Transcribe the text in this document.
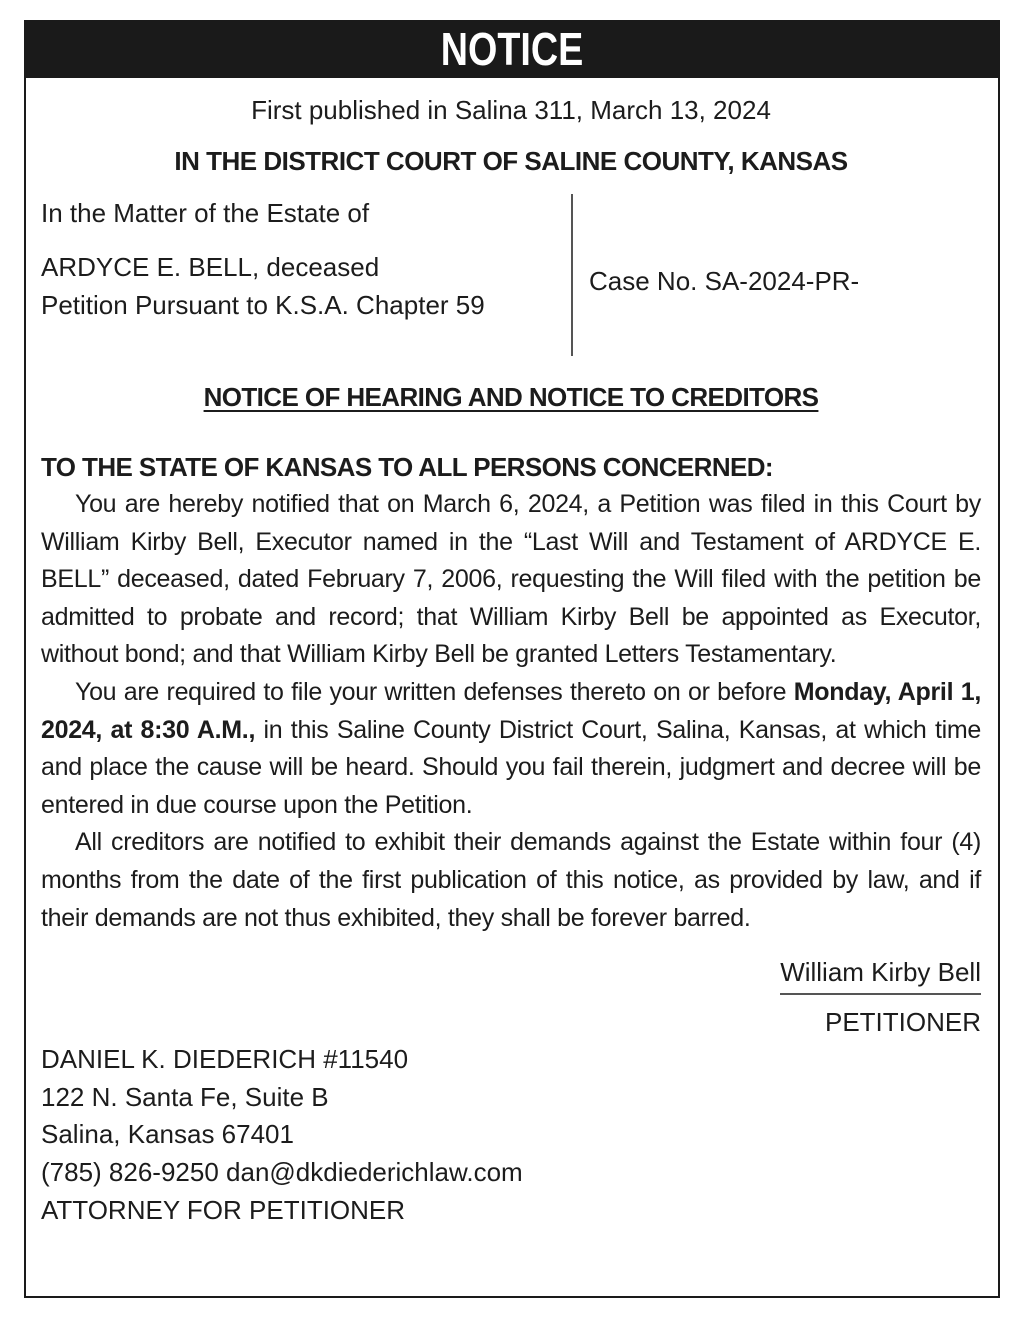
NOTICE
First published in Salina 311, March 13, 2024
IN THE DISTRICT COURT OF SALINE COUNTY, KANSAS
In the Matter of the Estate of
ARDYCE E. BELL, deceased
Petition Pursuant to K.S.A. Chapter 59
Case No. SA-2024-PR-
NOTICE OF HEARING AND NOTICE TO CREDITORS
TO THE STATE OF KANSAS TO ALL PERSONS CONCERNED:

You are hereby notified that on March 6, 2024, a Petition was filed in this Court by William Kirby Bell, Executor named in the “Last Will and Testament of ARDYCE E. BELL” deceased, dated February 7, 2006, requesting the Will filed with the petition be admitted to probate and record; that William Kirby Bell be appointed as Executor, without bond; and that William Kirby Bell be granted Letters Testamentary.

You are required to file your written defenses thereto on or before Monday, April 1, 2024, at 8:30 A.M., in this Saline County District Court, Salina, Kansas, at which time and place the cause will be heard. Should you fail therein, judgmert and decree will be entered in due course upon the Petition.

All creditors are notified to exhibit their demands against the Estate within four (4) months from the date of the first publication of this notice, as provided by law, and if their demands are not thus exhibited, they shall be forever barred.

William Kirby Bell
PETITIONER
DANIEL K. DIEDERICH #11540
122 N. Santa Fe, Suite B
Salina, Kansas 67401
(785) 826-9250 dan@dkdiederichlaw.com
ATTORNEY FOR PETITIONER
